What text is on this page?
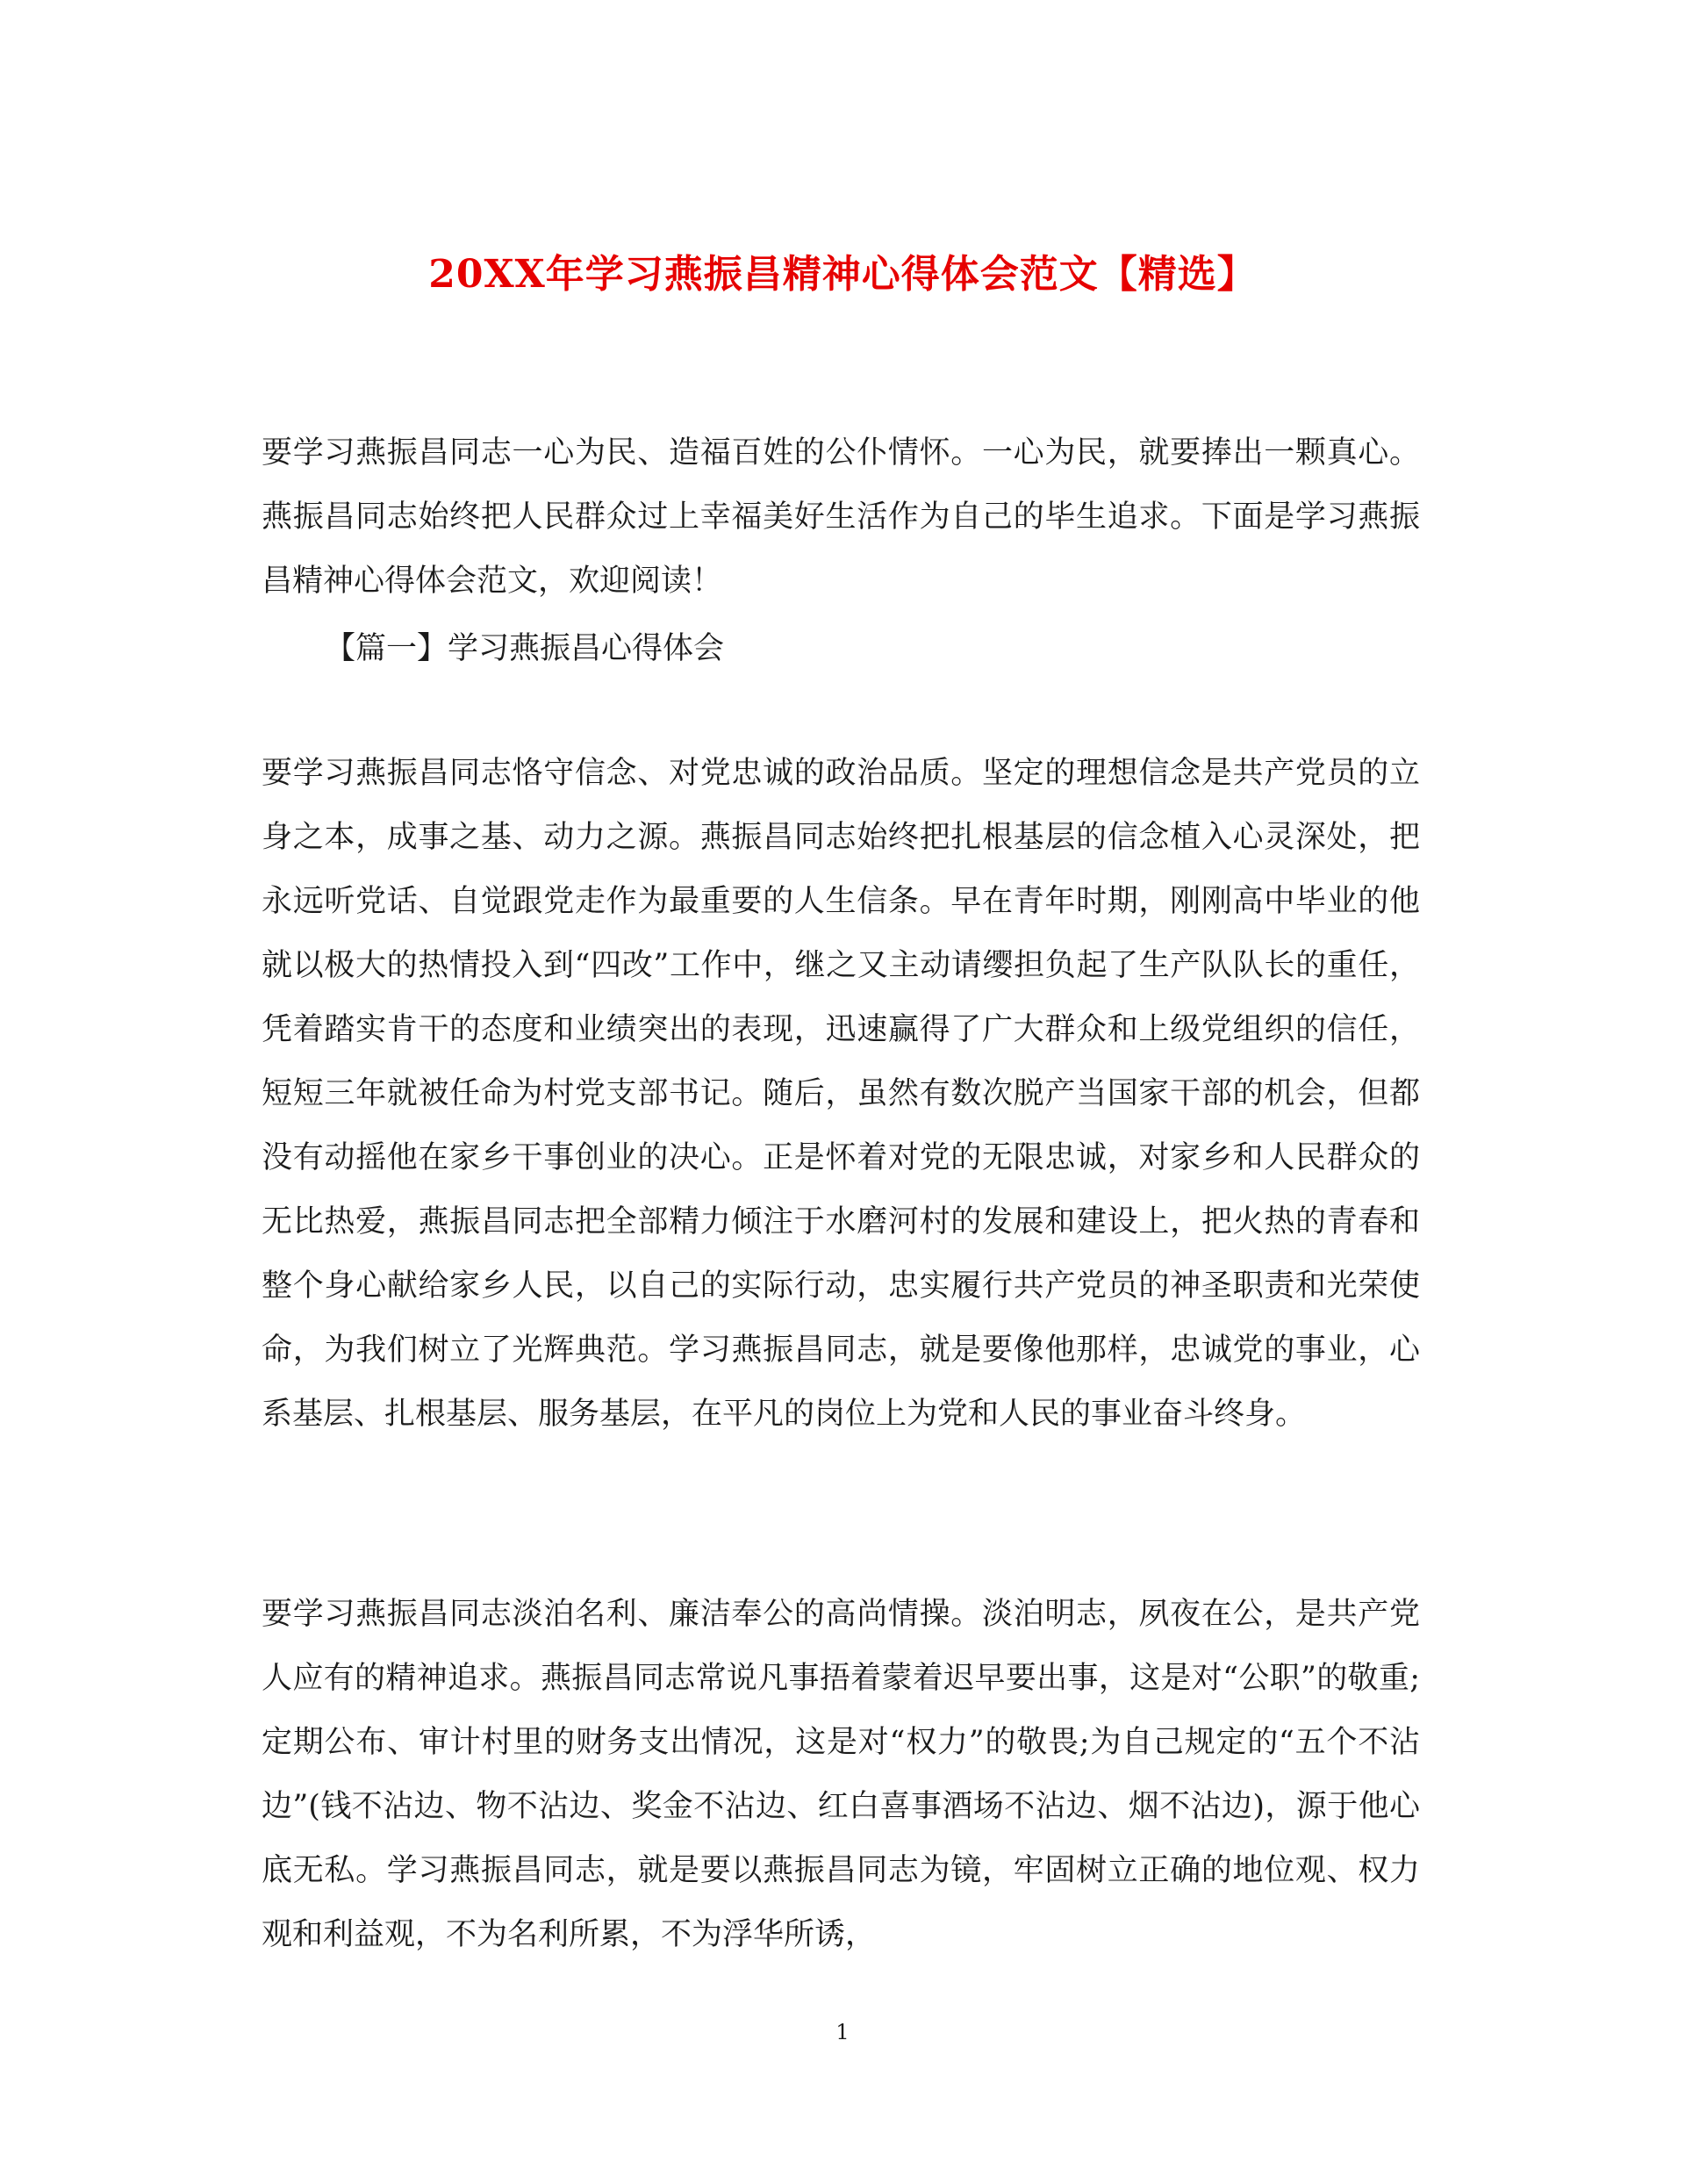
20XX年学习燕振昌精神心得体会范文【精选】

要学习燕振昌同志一心为民、造福百姓的公仆情怀。一心为民，就要捧出一颗真心。燕振昌同志始终把人民群众过上幸福美好生活作为自己的毕生追求。下面是学习燕振昌精神心得体会范文，欢迎阅读！

【篇一】学习燕振昌心得体会

要学习燕振昌同志恪守信念、对党忠诚的政治品质。坚定的理想信念是共产党员的立身之本，成事之基、动力之源。燕振昌同志始终把扎根基层的信念植入心灵深处，把永远听党话、自觉跟党走作为最重要的人生信条。早在青年时期，刚刚高中毕业的他就以极大的热情投入到“四改”工作中，继之又主动请缨担负起了生产队队长的重任，凭着踏实肯干的态度和业绩突出的表现，迅速赢得了广大群众和上级党组织的信任，短短三年就被任命为村党支部书记。随后，虽然有数次脱产当国家干部的机会，但都没有动摇他在家乡干事创业的决心。正是怀着对党的无限忠诚，对家乡和人民群众的无比热爱，燕振昌同志把全部精力倾注于水磨河村的发展和建设上，把火热的青春和整个身心献给家乡人民，以自己的实际行动，忠实履行共产党员的神圣职责和光荣使命，为我们树立了光辉典范。学习燕振昌同志，就是要像他那样，忠诚党的事业，心系基层、扎根基层、服务基层，在平凡的岗位上为党和人民的事业奋斗终身。

要学习燕振昌同志淡泊名利、廉洁奉公的高尚情操。淡泊明志，夙夜在公，是共产党人应有的精神追求。燕振昌同志常说凡事捂着蒙着迟早要出事，这是对“公职”的敬重;定期公布、审计村里的财务支出情况，这是对“权力”的敬畏;为自己规定的“五个不沾边”(钱不沾边、物不沾边、奖金不沾边、红白喜事酒场不沾边、烟不沾边)，源于他心底无私。学习燕振昌同志，就是要以燕振昌同志为镜，牢固树立正确的地位观、权力观和利益观，不为名利所累，不为浮华所诱，

1
